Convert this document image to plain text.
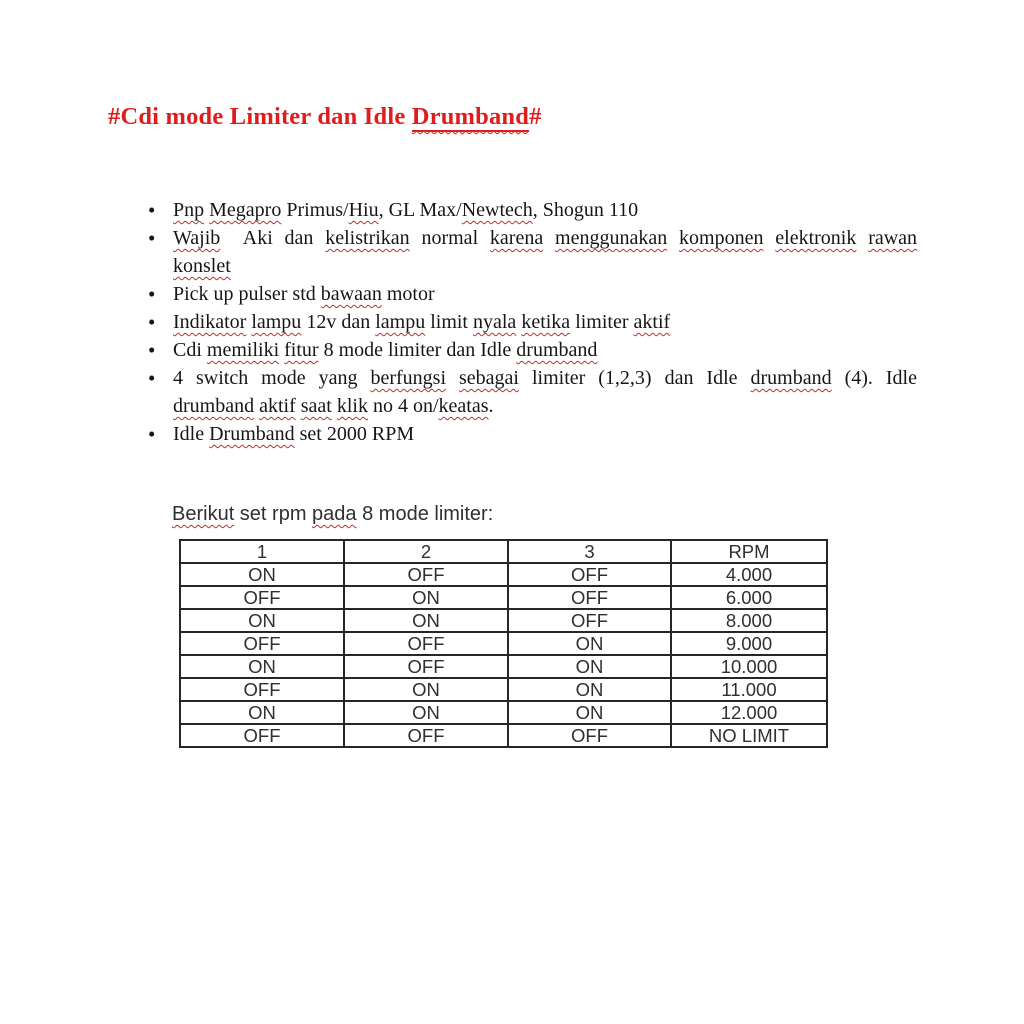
#Cdi mode Limiter dan Idle Drumband#
• Pnp Megapro Primus/Hiu, GL Max/Newtech, Shogun 110
• Wajib  Aki dan kelistrikan normal karena menggunakan komponen elektronik rawan
konslet
• Pick up pulser std bawaan motor
• Indikator lampu 12v dan lampu limit nyala ketika limiter aktif
• Cdi memiliki fitur 8 mode limiter dan Idle drumband
• 4 switch mode yang berfungsi sebagai limiter (1,2,3) dan Idle drumband (4). Idle
drumband aktif saat klik no 4 on/keatas.
• Idle Drumband set 2000 RPM
Berikut set rpm pada 8 mode limiter:
1	2	3	RPM
ON	OFF	OFF	4.000
OFF	ON	OFF	6.000
ON	ON	OFF	8.000
OFF	OFF	ON	9.000
ON	OFF	ON	10.000
OFF	ON	ON	11.000
ON	ON	ON	12.000
OFF	OFF	OFF	NO LIMIT
